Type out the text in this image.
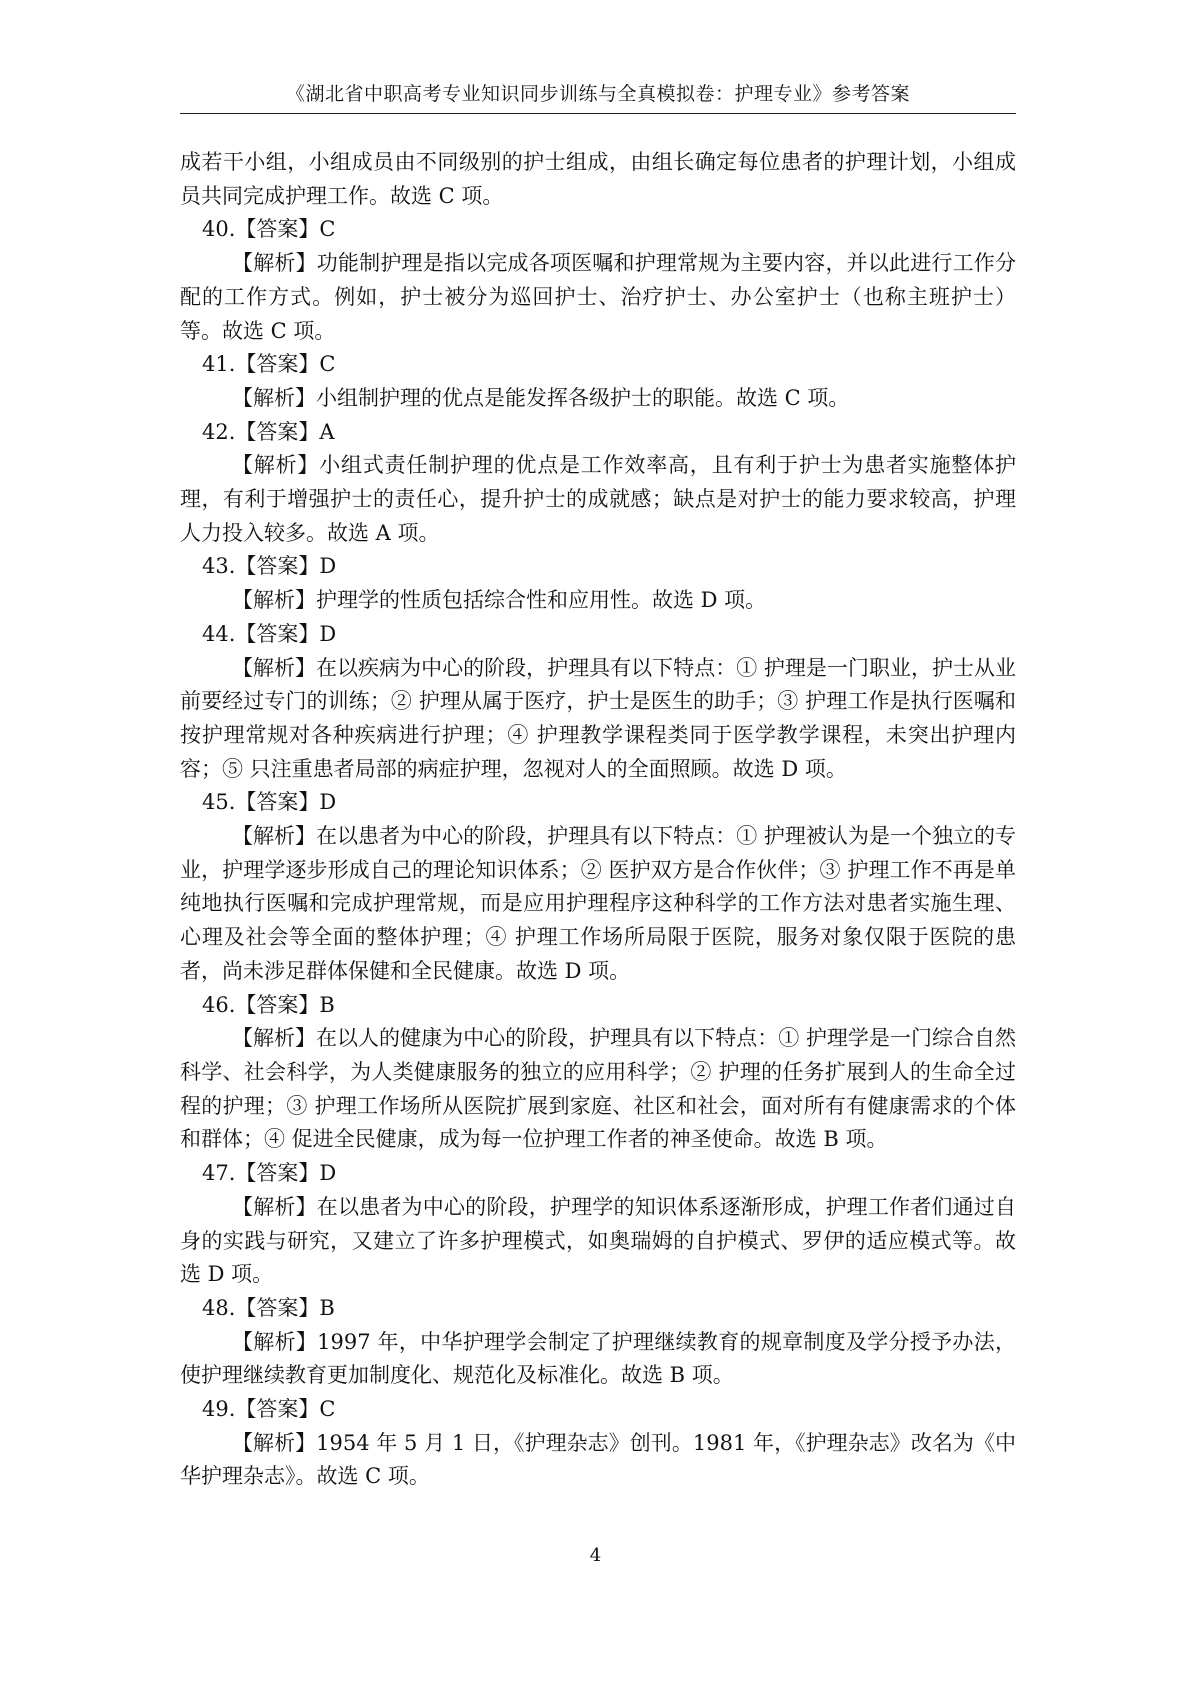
《湖北省中职高考专业知识同步训练与全真模拟卷：护理专业》参考答案

成若干小组，小组成员由不同级别的护士组成，由组长确定每位患者的护理计划，小组成员共同完成护理工作。故选 C 项。

40.【答案】C

【解析】功能制护理是指以完成各项医嘱和护理常规为主要内容，并以此进行工作分配的工作方式。例如，护士被分为巡回护士、治疗护士、办公室护士（也称主班护士）等。故选 C 项。

41.【答案】C

【解析】小组制护理的优点是能发挥各级护士的职能。故选 C 项。

42.【答案】A

【解析】小组式责任制护理的优点是工作效率高，且有利于护士为患者实施整体护理，有利于增强护士的责任心，提升护士的成就感；缺点是对护士的能力要求较高，护理人力投入较多。故选 A 项。

43.【答案】D

【解析】护理学的性质包括综合性和应用性。故选 D 项。

44.【答案】D

【解析】在以疾病为中心的阶段，护理具有以下特点：① 护理是一门职业，护士从业前要经过专门的训练；② 护理从属于医疗，护士是医生的助手；③ 护理工作是执行医嘱和按护理常规对各种疾病进行护理；④ 护理教学课程类同于医学教学课程，未突出护理内容；⑤ 只注重患者局部的病症护理，忽视对人的全面照顾。故选 D 项。

45.【答案】D

【解析】在以患者为中心的阶段，护理具有以下特点：① 护理被认为是一个独立的专业，护理学逐步形成自己的理论知识体系；② 医护双方是合作伙伴；③ 护理工作不再是单纯地执行医嘱和完成护理常规，而是应用护理程序这种科学的工作方法对患者实施生理、心理及社会等全面的整体护理；④ 护理工作场所局限于医院，服务对象仅限于医院的患者，尚未涉足群体保健和全民健康。故选 D 项。

46.【答案】B

【解析】在以人的健康为中心的阶段，护理具有以下特点：① 护理学是一门综合自然科学、社会科学，为人类健康服务的独立的应用科学；② 护理的任务扩展到人的生命全过程的护理；③ 护理工作场所从医院扩展到家庭、社区和社会，面对所有有健康需求的个体和群体；④ 促进全民健康，成为每一位护理工作者的神圣使命。故选 B 项。

47.【答案】D

【解析】在以患者为中心的阶段，护理学的知识体系逐渐形成，护理工作者们通过自身的实践与研究，又建立了许多护理模式，如奥瑞姆的自护模式、罗伊的适应模式等。故选 D 项。

48.【答案】B

【解析】1997 年，中华护理学会制定了护理继续教育的规章制度及学分授予办法，使护理继续教育更加制度化、规范化及标准化。故选 B 项。

49.【答案】C

【解析】1954 年 5 月 1 日，《护理杂志》创刊。1981 年，《护理杂志》改名为《中华护理杂志》。故选 C 项。

4
